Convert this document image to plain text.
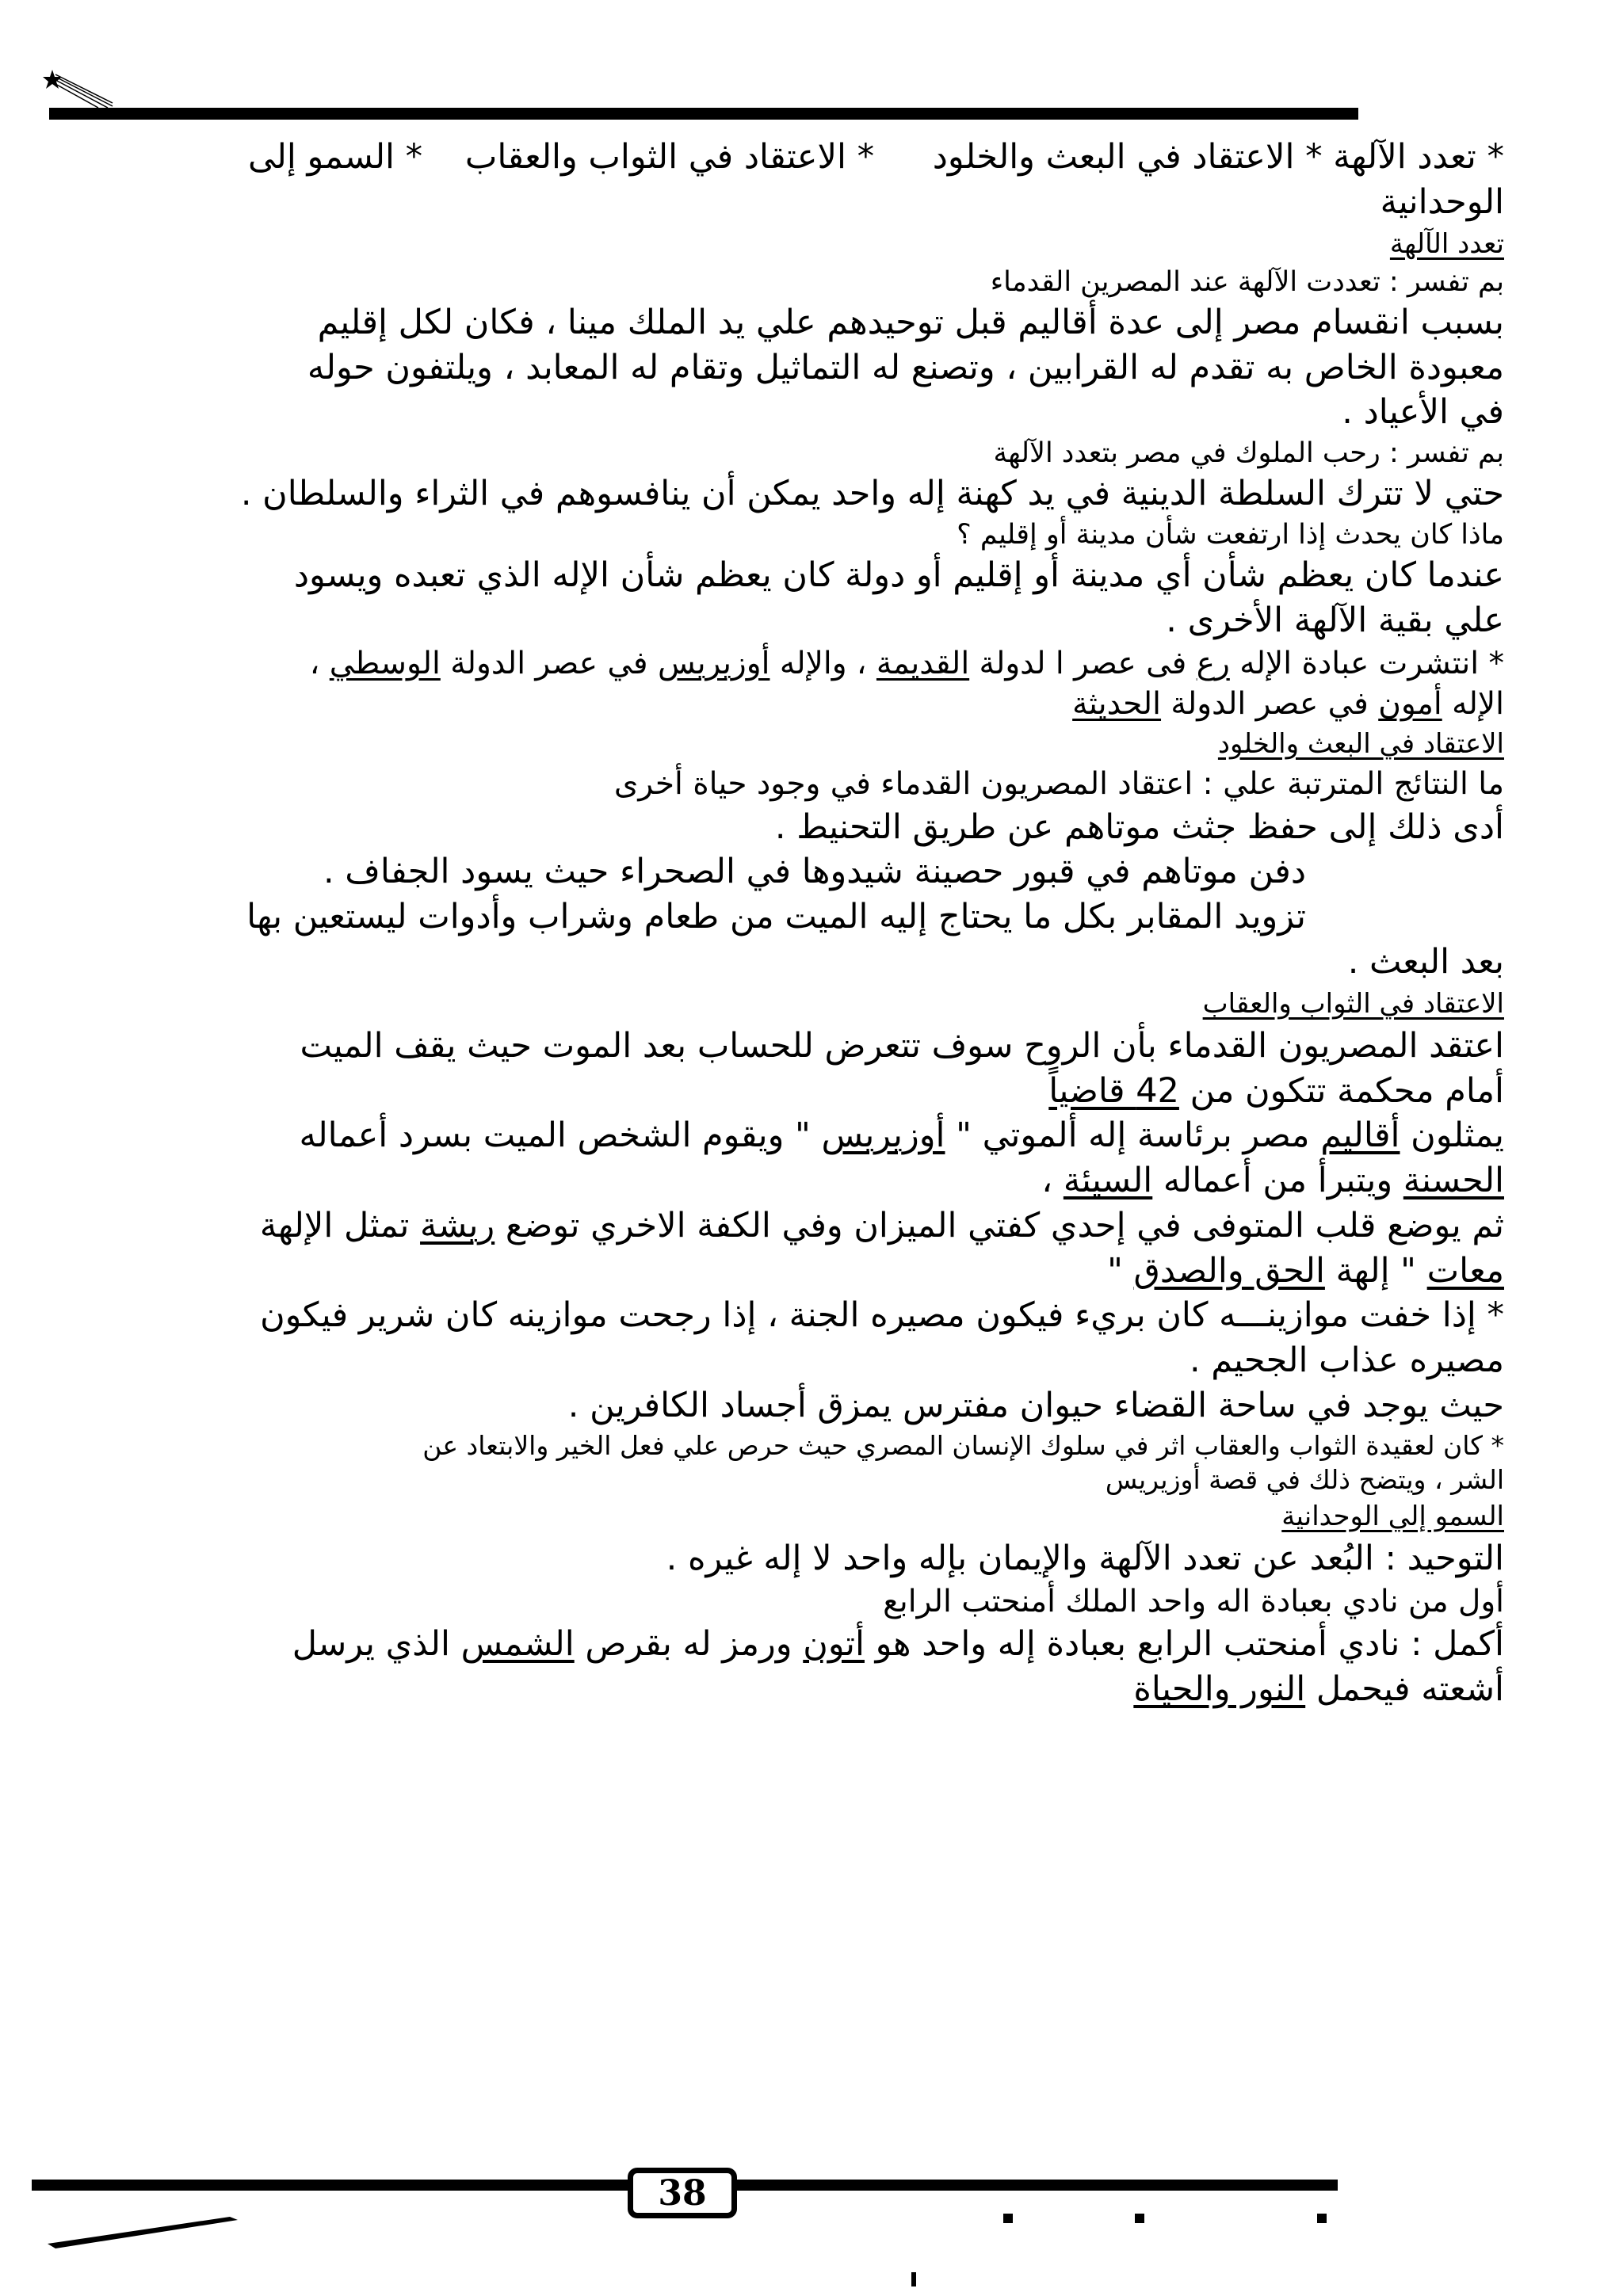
* تعدد الآلهة * الاعتقاد في البعث والخلود * الاعتقاد في الثواب والعقاب * السمو إلى

الوحدانية

تعدد الآلهة

بم تفسر : تعددت الآلهة عند المصرين القدماء

بسبب انقسام مصر إلى عدة أقاليم قبل توحيدهم علي يد الملك مينا ، فكان لكل إقليم

معبودة الخاص به تقدم له القرابين ، وتصنع له التماثيل وتقام له المعابد ، ويلتفون حوله

في الأعياد .

بم تفسر : رحب الملوك في مصر بتعدد الآلهة

حتي لا تترك السلطة الدينية في يد كهنة إله واحد يمكن أن ينافسوهم في الثراء والسلطان .

ماذا كان يحدث إذا ارتفعت شأن مدينة أو إقليم ؟

عندما كان يعظم شأن أي مدينة أو إقليم أو دولة كان يعظم شأن الإله الذي تعبده ويسود

علي بقية الآلهة الأخرى .

* انتشرت عبادة الإله رع فى عصر ا لدولة القديمة ، والإله أوزيريس في عصر الدولة الوسطي ،

الإله أمون في عصر الدولة الحديثة

الاعتقاد في البعث والخلود

ما النتائج المترتبة علي : اعتقاد المصريون القدماء في وجود حياة أخرى

أدى ذلك إلى حفظ جثث موتاهم عن طريق التحنيط .

دفن موتاهم في قبور حصينة شيدوها في الصحراء حيث يسود الجفاف .

تزويد المقابر بكل ما يحتاج إليه الميت من طعام وشراب وأدوات ليستعين بها

بعد البعث .

الاعتقاد في الثواب والعقاب

اعتقد المصريون القدماء بأن الروح سوف تتعرض للحساب بعد الموت حيث يقف الميت

أمام محكمة تتكون من 42 قاضياً

يمثلون أقاليم مصر برئاسة إله ألموتي " أوزيريس " ويقوم الشخص الميت بسرد أعماله

الحسنة ويتبرأ من أعماله السيئة ،

ثم يوضع قلب المتوفى في إحدي كفتي الميزان وفي الكفة الاخري توضع ريشة تمثل الإلهة

معات " إلهة الحق والصدق "

* إذا خفت موازينـــه كان بريء فيكون مصيره الجنة ، إذا رجحت موازينه كان شرير فيكون

مصيره عذاب الجحيم .

حيث يوجد في ساحة القضاء حيوان مفترس يمزق أجساد الكافرين .

* كان لعقيدة الثواب والعقاب اثر في سلوك الإنسان المصري حيث حرص علي فعل الخير والابتعاد عن

الشر ، ويتضح ذلك في قصة أوزيريس

السمو إلي الوحدانية

التوحيد : البُعد عن تعدد الآلهة والإيمان بإله واحد لا إله غيره .

أول من نادي بعبادة اله واحد الملك أمنحتب الرابع

أكمل : نادي أمنحتب الرابع بعبادة إله واحد هو أتون ورمز له بقرص الشمس الذي يرسل

أشعته فيحمل النور والحياة

38
